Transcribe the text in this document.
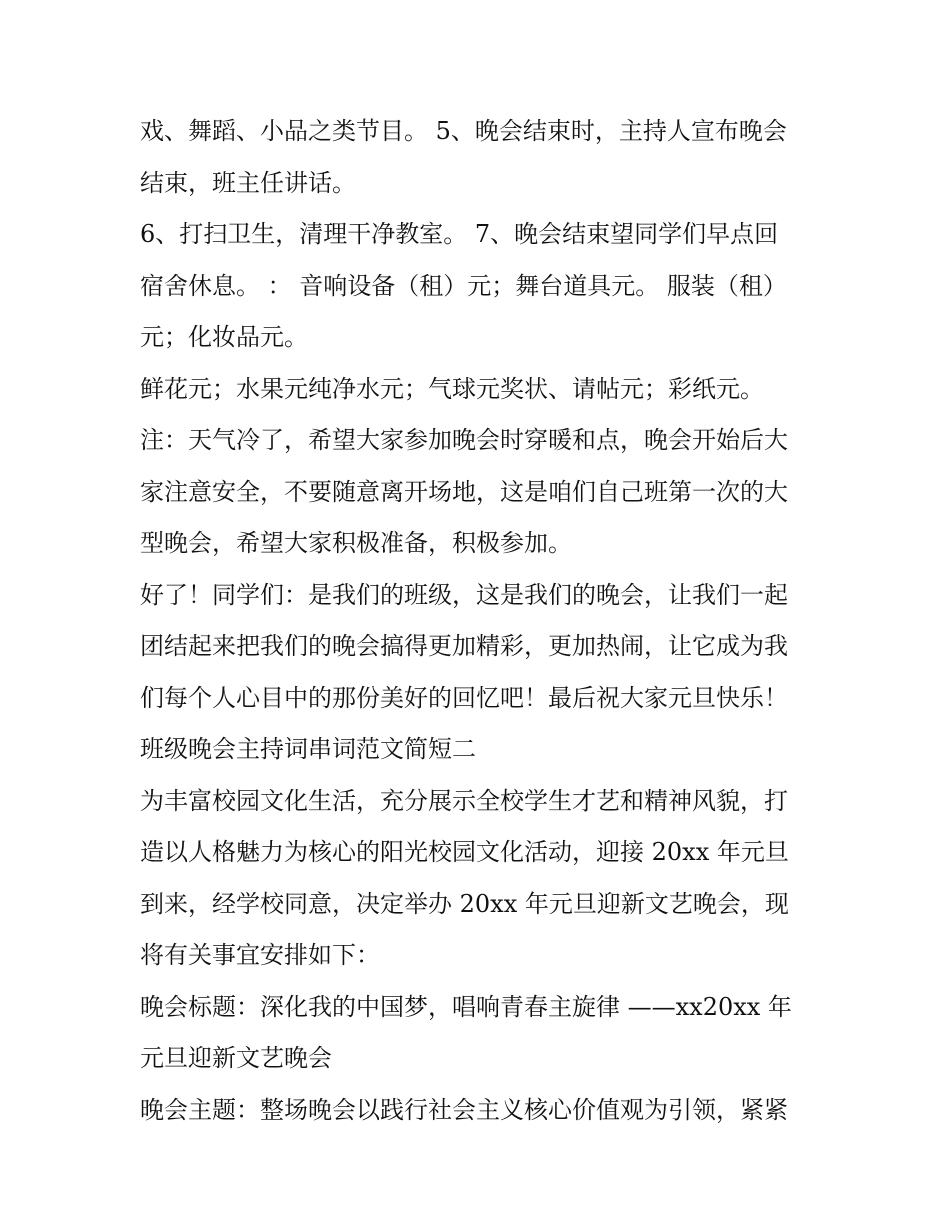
戏、舞蹈、小品之类节目。 5、晚会结束时，主持人宣布晚会
结束，班主任讲话。
6、打扫卫生，清理干净教室。 7、晚会结束望同学们早点回
宿舍休息。 ： 音响设备（租）元；舞台道具元。 服装（租）
元；化妆品元。
鲜花元；水果元纯净水元；气球元奖状、请帖元；彩纸元。
注：天气冷了，希望大家参加晚会时穿暖和点，晚会开始后大
家注意安全，不要随意离开场地，这是咱们自己班第一次的大
型晚会，希望大家积极准备，积极参加。
好了！同学们：是我们的班级，这是我们的晚会，让我们一起
团结起来把我们的晚会搞得更加精彩，更加热闹，让它成为我
们每个人心目中的那份美好的回忆吧！最后祝大家元旦快乐！
班级晚会主持词串词范文简短二
为丰富校园文化生活，充分展示全校学生才艺和精神风貌，打
造以人格魅力为核心的阳光校园文化活动，迎接 20xx 年元旦
到来，经学校同意，决定举办 20xx 年元旦迎新文艺晚会，现
将有关事宜安排如下：
晚会标题：深化我的中国梦，唱响青春主旋律 ——xx20xx 年
元旦迎新文艺晚会
晚会主题：整场晚会以践行社会主义核心价值观为引领，紧紧
